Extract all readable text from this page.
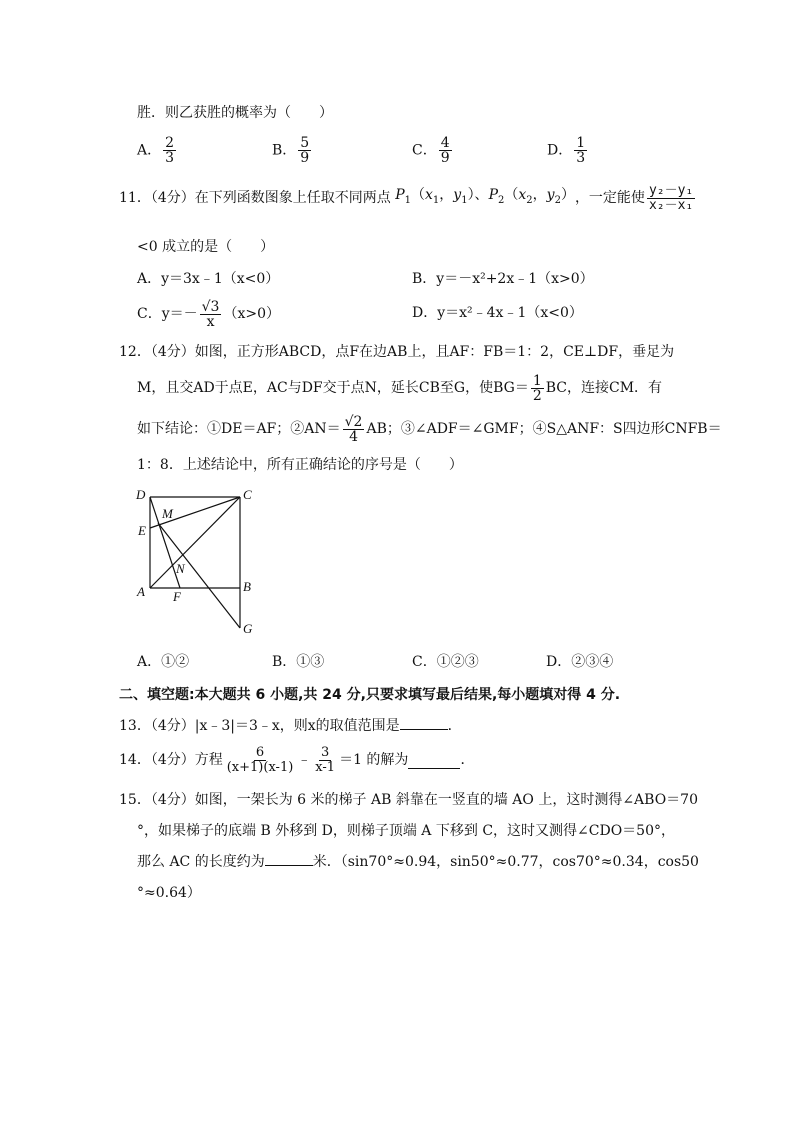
胜．则乙获胜的概率为（　　）
A． $\frac{2}{3}$	B． $\frac{5}{9}$	C． $\frac{4}{9}$	D． $\frac{1}{3}$
11．（4分） 在下列函数图象上任取不同两点 $P_1(x_1$，$y_1$）、$P_2(x_2$，$y_2$） ，一定能使 $\frac{\text{y₂－y₁}}{\text{x₂－x₁}}$
<0 成立的是（　　）
A．y＝3x﹣1（x<0）	B．y＝－x²+2x﹣1（x>0）
C．$y=- \frac{√3}{x} (x>0)$	D．y＝x²﹣4x﹣1（x<0）
12．（4分）如图，正方形ABCD，点F在边AB上，且AF：FB＝1：2，CE⊥DF，垂足为
M，且交AD于点E，AC与DF交于点N，延长CB至G，使$BG= \frac{1}{2}$ BC，连接CM．有
如下结论：①DE＝AF；②AN＝ $\frac{√2}{4}$ AB；③∠ADF＝∠GMF；④S△ANF：S四边形CNFB＝
1：8．上述结论中，所有正确结论的序号是（　　）
D	C
M
E
N
A F
B
G
A．①②	B．①③	C．①②③	D．②③④
二、填空题:本大题共 6 小题,共 24 分,只要求填写最后结果,每小题填对得 4 分.
13．（4分）|x﹣3|＝3﹣x，则x的取值范围是	．
14．（4分）方程 $\frac{6}{(x+1)(x-1)}$ ﹣ $\frac{3}{x-1} =1$ 的解为	．
15．（4分）如图，一架长为 6 米的梯子 AB 斜靠在一竖直的墙 AO 上，这时测得∠ABO＝70
°，如果梯子的底端 B 外移到 D，则梯子顶端 A 下移到 C，这时又测得∠CDO＝50°，
那么 AC 的长度约为	米．（sin70°≈0.94，sin50°≈0.77，cos70°≈0.34，cos50
°≈0.64）
